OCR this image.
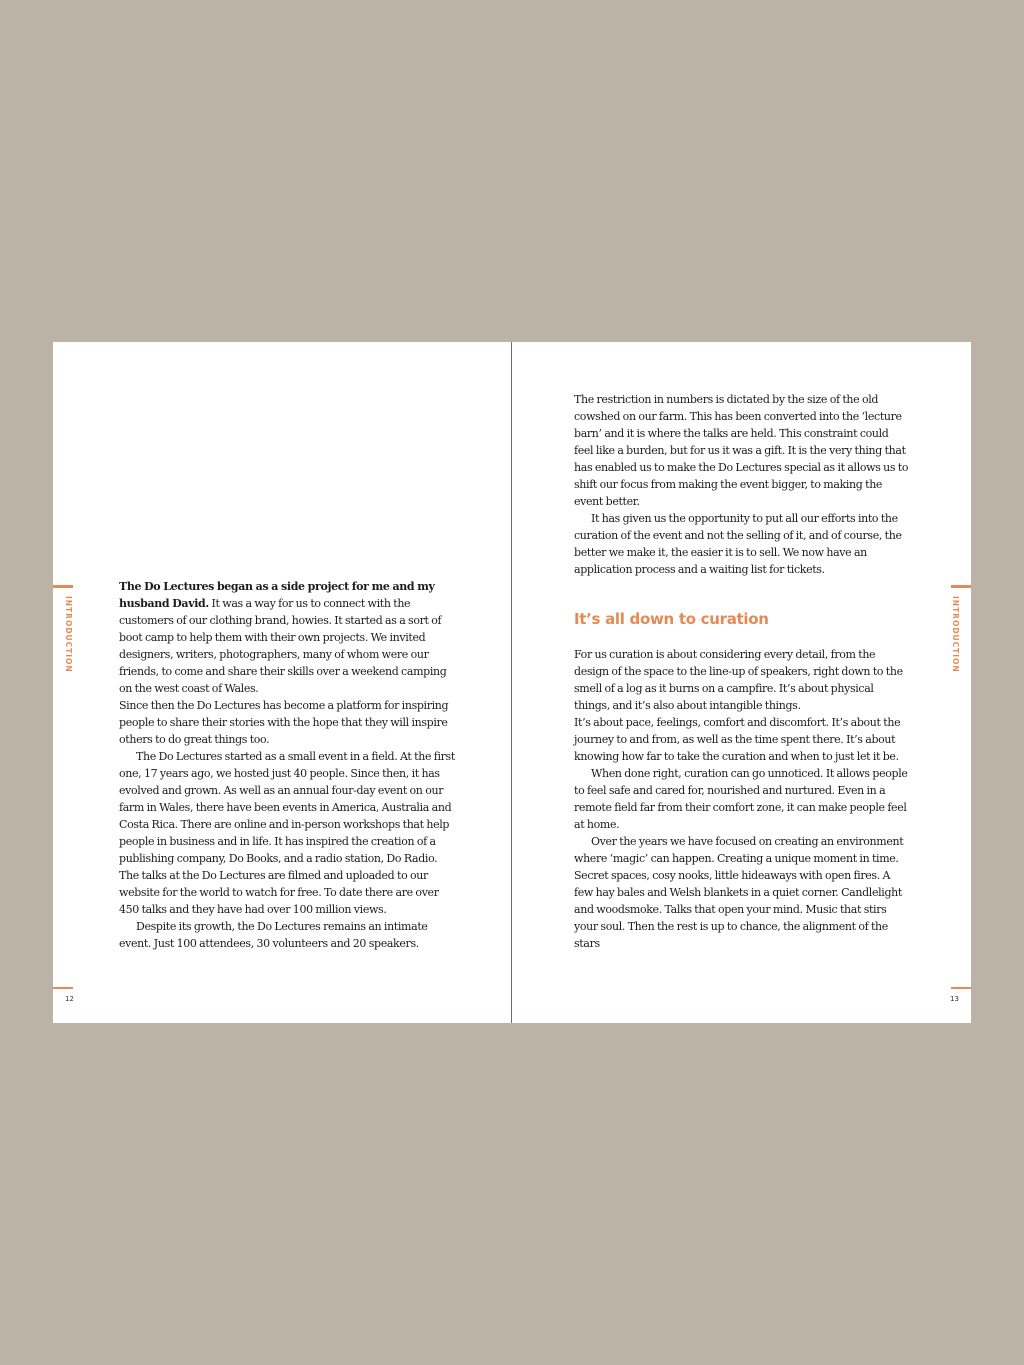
INTRODUCTION

The Do Lectures began as a side project for me and my husband David. It was a way for us to connect with the customers of our clothing brand, howies. It started as a sort of boot camp to help them with their own projects. We invited designers, writers, photographers, many of whom were our friends, to come and share their skills over a weekend camping on the west coast of Wales.

Since then the Do Lectures has become a platform for inspiring people to share their stories with the hope that they will inspire others to do great things too.

The Do Lectures started as a small event in a field. At the first one, 17 years ago, we hosted just 40 people. Since then, it has evolved and grown. As well as an annual four-day event on our farm in Wales, there have been events in America, Australia and Costa Rica. There are online and in-person workshops that help people in business and in life. It has inspired the creation of a publishing company, Do Books, and a radio station, Do Radio. The talks at the Do Lectures are filmed and uploaded to our website for the world to watch for free. To date there are over 450 talks and they have had over 100 million views.

Despite its growth, the Do Lectures remains an intimate event. Just 100 attendees, 30 volunteers and 20 speakers.

12

The restriction in numbers is dictated by the size of the old cowshed on our farm. This has been converted into the ‘lecture barn’ and it is where the talks are held. This constraint could feel like a burden, but for us it was a gift. It is the very thing that has enabled us to make the Do Lectures special as it allows us to shift our focus from making the event bigger, to making the event better.

It has given us the opportunity to put all our efforts into the curation of the event and not the selling of it, and of course, the better we make it, the easier it is to sell. We now have an application process and a waiting list for tickets.

It’s all down to curation

For us curation is about considering every detail, from the design of the space to the line-up of speakers, right down to the smell of a log as it burns on a campfire. It’s about physical things, and it’s also about intangible things.

It’s about pace, feelings, comfort and discomfort. It’s about the journey to and from, as well as the time spent there. It’s about knowing how far to take the curation and when to just let it be.

When done right, curation can go unnoticed. It allows people to feel safe and cared for, nourished and nurtured. Even in a remote field far from their comfort zone, it can make people feel at home.

Over the years we have focused on creating an environment where ‘magic’ can happen. Creating a unique moment in time. Secret spaces, cosy nooks, little hideaways with open fires. A few hay bales and Welsh blankets in a quiet corner. Candlelight and woodsmoke. Talks that open your mind. Music that stirs your soul. Then the rest is up to chance, the alignment of the stars

INTRODUCTION
13
